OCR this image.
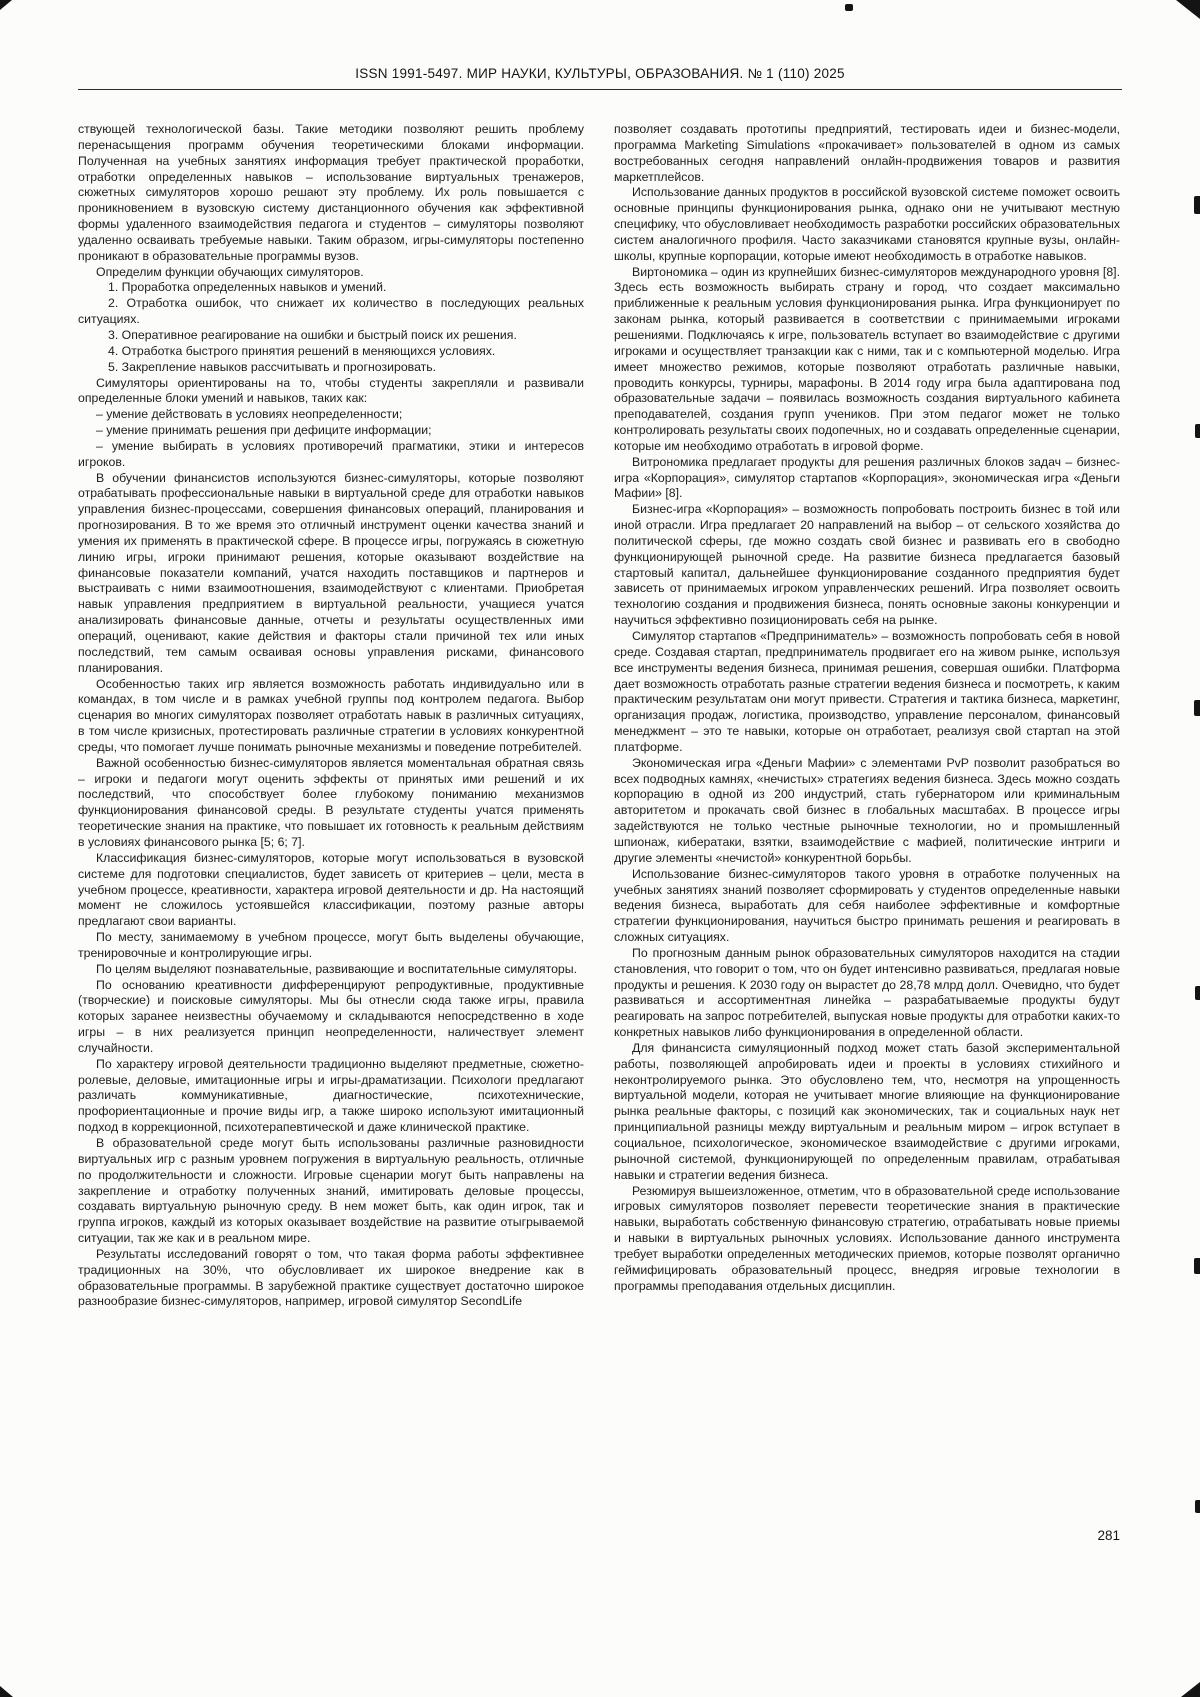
ISSN 1991-5497. МИР НАУКИ, КУЛЬТУРЫ, ОБРАЗОВАНИЯ. № 1 (110) 2025

ствующей технологической базы. Такие методики позволяют решить проблему перенасыщения программ обучения теоретическими блоками информации. Полученная на учебных занятиях информация требует практической проработки, отработки определенных навыков – использование виртуальных тренажеров, сюжетных симуляторов хорошо решают эту проблему. Их роль повышается с проникновением в вузовскую систему дистанционного обучения как эффективной формы удаленного взаимодействия педагога и студентов – симуляторы позволяют удаленно осваивать требуемые навыки. Таким образом, игры-симуляторы постепенно проникают в образовательные программы вузов.

Определим функции обучающих симуляторов.

1. Проработка определенных навыков и умений.

2. Отработка ошибок, что снижает их количество в последующих реальных ситуациях.

3. Оперативное реагирование на ошибки и быстрый поиск их решения.

4. Отработка быстрого принятия решений в меняющихся условиях.

5. Закрепление навыков рассчитывать и прогнозировать.

Симуляторы ориентированы на то, чтобы студенты закрепляли и развивали определенные блоки умений и навыков, таких как:

– умение действовать в условиях неопределенности;

– умение принимать решения при дефиците информации;

– умение выбирать в условиях противоречий прагматики, этики и интересов игроков.

В обучении финансистов используются бизнес-симуляторы, которые позволяют отрабатывать профессиональные навыки в виртуальной среде для отработки навыков управления бизнес-процессами, совершения финансовых операций, планирования и прогнозирования. В то же время это отличный инструмент оценки качества знаний и умения их применять в практической сфере. В процессе игры, погружаясь в сюжетную линию игры, игроки принимают решения, которые оказывают воздействие на финансовые показатели компаний, учатся находить поставщиков и партнеров и выстраивать с ними взаимоотношения, взаимодействуют с клиентами. Приобретая навык управления предприятием в виртуальной реальности, учащиеся учатся анализировать финансовые данные, отчеты и результаты осуществленных ими операций, оценивают, какие действия и факторы стали причиной тех или иных последствий, тем самым осваивая основы управления рисками, финансового планирования.

Особенностью таких игр является возможность работать индивидуально или в командах, в том числе и в рамках учебной группы под контролем педагога. Выбор сценария во многих симуляторах позволяет отработать навык в различных ситуациях, в том числе кризисных, протестировать различные стратегии в условиях конкурентной среды, что помогает лучше понимать рыночные механизмы и поведение потребителей.

Важной особенностью бизнес-симуляторов является моментальная обратная связь – игроки и педагоги могут оценить эффекты от принятых ими решений и их последствий, что способствует более глубокому пониманию механизмов функционирования финансовой среды. В результате студенты учатся применять теоретические знания на практике, что повышает их готовность к реальным действиям в условиях финансового рынка [5; 6; 7].

Классификация бизнес-симуляторов, которые могут использоваться в вузовской системе для подготовки специалистов, будет зависеть от критериев – цели, места в учебном процессе, креативности, характера игровой деятельности и др. На настоящий момент не сложилось устоявшейся классификации, поэтому разные авторы предлагают свои варианты.

По месту, занимаемому в учебном процессе, могут быть выделены обучающие, тренировочные и контролирующие игры.

По целям выделяют познавательные, развивающие и воспитательные симуляторы.

По основанию креативности дифференцируют репродуктивные, продуктивные (творческие) и поисковые симуляторы. Мы бы отнесли сюда также игры, правила которых заранее неизвестны обучаемому и складываются непосредственно в ходе игры – в них реализуется принцип неопределенности, наличествует элемент случайности.

По характеру игровой деятельности традиционно выделяют предметные, сюжетно-ролевые, деловые, имитационные игры и игры-драматизации. Психологи предлагают различать коммуникативные, диагностические, психотехнические, профориентационные и прочие виды игр, а также широко используют имитационный подход в коррекционной, психотерапевтической и даже клинической практике.

В образовательной среде могут быть использованы различные разновидности виртуальных игр с разным уровнем погружения в виртуальную реальность, отличные по продолжительности и сложности. Игровые сценарии могут быть направлены на закрепление и отработку полученных знаний, имитировать деловые процессы, создавать виртуальную рыночную среду. В нем может быть, как один игрок, так и группа игроков, каждый из которых оказывает воздействие на развитие отыгрываемой ситуации, так же как и в реальном мире.

Результаты исследований говорят о том, что такая форма работы эффективнее традиционных на 30%, что обусловливает их широкое внедрение как в образовательные программы. В зарубежной практике существует достаточно широкое разнообразие бизнес-симуляторов, например, игровой симулятор SecondLife

позволяет создавать прототипы предприятий, тестировать идеи и бизнес-модели, программа Marketing Simulations «прокачивает» пользователей в одном из самых востребованных сегодня направлений онлайн-продвижения товаров и развития маркетплейсов.

Использование данных продуктов в российской вузовской системе поможет освоить основные принципы функционирования рынка, однако они не учитывают местную специфику, что обусловливает необходимость разработки российских образовательных систем аналогичного профиля. Часто заказчиками становятся крупные вузы, онлайн-школы, крупные корпорации, которые имеют необходимость в отработке навыков.

Виртономика – один из крупнейших бизнес-симуляторов международного уровня [8]. Здесь есть возможность выбирать страну и город, что создает максимально приближенные к реальным условия функционирования рынка. Игра функционирует по законам рынка, который развивается в соответствии с принимаемыми игроками решениями. Подключаясь к игре, пользователь вступает во взаимодействие с другими игроками и осуществляет транзакции как с ними, так и с компьютерной моделью. Игра имеет множество режимов, которые позволяют отработать различные навыки, проводить конкурсы, турниры, марафоны. В 2014 году игра была адаптирована под образовательные задачи – появилась возможность создания виртуального кабинета преподавателей, создания групп учеников. При этом педагог может не только контролировать результаты своих подопечных, но и создавать определенные сценарии, которые им необходимо отработать в игровой форме.

Витрономика предлагает продукты для решения различных блоков задач – бизнес-игра «Корпорация», симулятор стартапов «Корпорация», экономическая игра «Деньги Мафии» [8].

Бизнес-игра «Корпорация» – возможность попробовать построить бизнес в той или иной отрасли. Игра предлагает 20 направлений на выбор – от сельского хозяйства до политической сферы, где можно создать свой бизнес и развивать его в свободно функционирующей рыночной среде. На развитие бизнеса предлагается базовый стартовый капитал, дальнейшее функционирование созданного предприятия будет зависеть от принимаемых игроком управленческих решений. Игра позволяет освоить технологию создания и продвижения бизнеса, понять основные законы конкуренции и научиться эффективно позиционировать себя на рынке.

Симулятор стартапов «Предприниматель» – возможность попробовать себя в новой среде. Создавая стартап, предприниматель продвигает его на живом рынке, используя все инструменты ведения бизнеса, принимая решения, совершая ошибки. Платформа дает возможность отработать разные стратегии ведения бизнеса и посмотреть, к каким практическим результатам они могут привести. Стратегия и тактика бизнеса, маркетинг, организация продаж, логистика, производство, управление персоналом, финансовый менеджмент – это те навыки, которые он отработает, реализуя свой стартап на этой платформе.

Экономическая игра «Деньги Мафии» с элементами PvP позволит разобраться во всех подводных камнях, «нечистых» стратегиях ведения бизнеса. Здесь можно создать корпорацию в одной из 200 индустрий, стать губернатором или криминальным авторитетом и прокачать свой бизнес в глобальных масштабах. В процессе игры задействуются не только честные рыночные технологии, но и промышленный шпионаж, кибератаки, взятки, взаимодействие с мафией, политические интриги и другие элементы «нечистой» конкурентной борьбы.

Использование бизнес-симуляторов такого уровня в отработке полученных на учебных занятиях знаний позволяет сформировать у студентов определенные навыки ведения бизнеса, выработать для себя наиболее эффективные и комфортные стратегии функционирования, научиться быстро принимать решения и реагировать в сложных ситуациях.

По прогнозным данным рынок образовательных симуляторов находится на стадии становления, что говорит о том, что он будет интенсивно развиваться, предлагая новые продукты и решения. К 2030 году он вырастет до 28,78 млрд долл. Очевидно, что будет развиваться и ассортиментная линейка – разрабатываемые продукты будут реагировать на запрос потребителей, выпуская новые продукты для отработки каких-то конкретных навыков либо функционирования в определенной области.

Для финансиста симуляционный подход может стать базой экспериментальной работы, позволяющей апробировать идеи и проекты в условиях стихийного и неконтролируемого рынка. Это обусловлено тем, что, несмотря на упрощенность виртуальной модели, которая не учитывает многие влияющие на функционирование рынка реальные факторы, с позиций как экономических, так и социальных наук нет принципиальной разницы между виртуальным и реальным миром – игрок вступает в социальное, психологическое, экономическое взаимодействие с другими игроками, рыночной системой, функционирующей по определенным правилам, отрабатывая навыки и стратегии ведения бизнеса.

Резюмируя вышеизложенное, отметим, что в образовательной среде использование игровых симуляторов позволяет перевести теоретические знания в практические навыки, выработать собственную финансовую стратегию, отрабатывать новые приемы и навыки в виртуальных рыночных условиях. Использование данного инструмента требует выработки определенных методических приемов, которые позволят органично геймифицировать образовательный процесс, внедряя игровые технологии в программы преподавания отдельных дисциплин.

281
